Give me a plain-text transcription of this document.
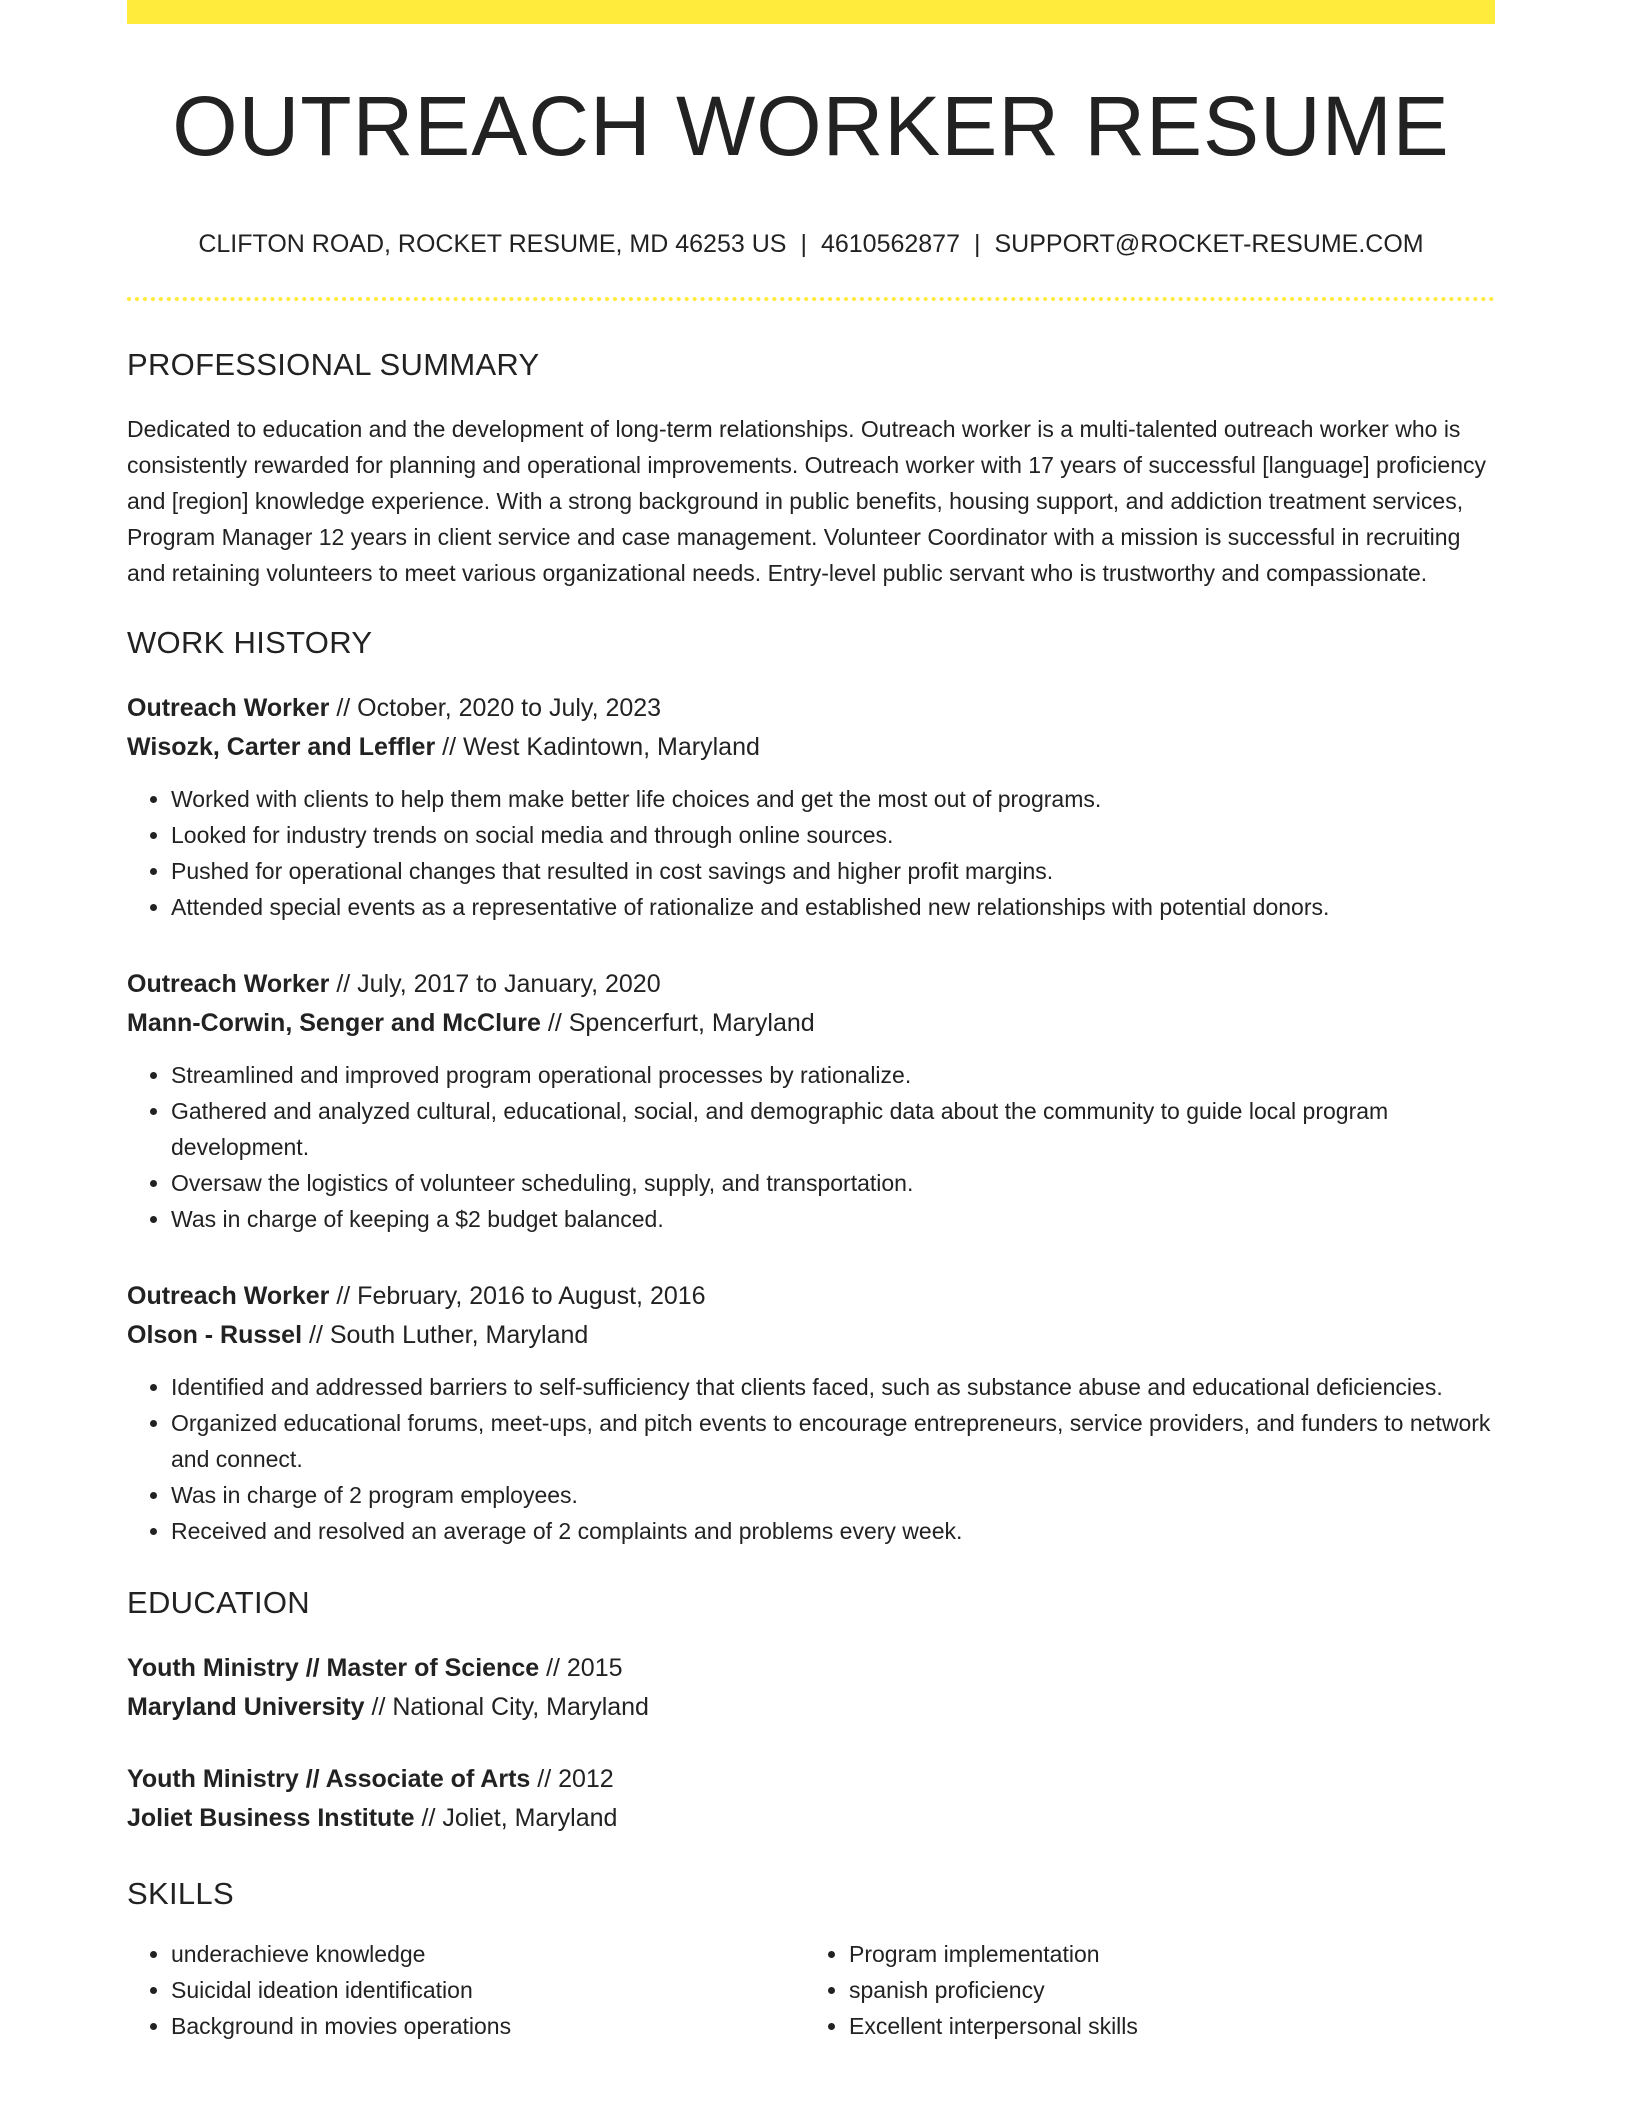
OUTREACH WORKER RESUME
CLIFTON ROAD, ROCKET RESUME, MD 46253 US | 4610562877 | SUPPORT@ROCKET-RESUME.COM
PROFESSIONAL SUMMARY
Dedicated to education and the development of long-term relationships. Outreach worker is a multi-talented outreach worker who is consistently rewarded for planning and operational improvements. Outreach worker with 17 years of successful [language] proficiency and [region] knowledge experience. With a strong background in public benefits, housing support, and addiction treatment services, Program Manager 12 years in client service and case management. Volunteer Coordinator with a mission is successful in recruiting and retaining volunteers to meet various organizational needs. Entry-level public servant who is trustworthy and compassionate.
WORK HISTORY
Outreach Worker // October, 2020 to July, 2023
Wisozk, Carter and Leffler // West Kadintown, Maryland
• Worked with clients to help them make better life choices and get the most out of programs.
• Looked for industry trends on social media and through online sources.
• Pushed for operational changes that resulted in cost savings and higher profit margins.
• Attended special events as a representative of rationalize and established new relationships with potential donors.
Outreach Worker // July, 2017 to January, 2020
Mann-Corwin, Senger and McClure // Spencerfurt, Maryland
• Streamlined and improved program operational processes by rationalize.
• Gathered and analyzed cultural, educational, social, and demographic data about the community to guide local program development.
• Oversaw the logistics of volunteer scheduling, supply, and transportation.
• Was in charge of keeping a $2 budget balanced.
Outreach Worker // February, 2016 to August, 2016
Olson - Russel // South Luther, Maryland
• Identified and addressed barriers to self-sufficiency that clients faced, such as substance abuse and educational deficiencies.
• Organized educational forums, meet-ups, and pitch events to encourage entrepreneurs, service providers, and funders to network and connect.
• Was in charge of 2 program employees.
• Received and resolved an average of 2 complaints and problems every week.
EDUCATION
Youth Ministry // Master of Science // 2015
Maryland University // National City, Maryland
Youth Ministry // Associate of Arts // 2012
Joliet Business Institute // Joliet, Maryland
SKILLS
• underachieve knowledge
• Suicidal ideation identification
• Background in movies operations
• Program implementation
• spanish proficiency
• Excellent interpersonal skills
